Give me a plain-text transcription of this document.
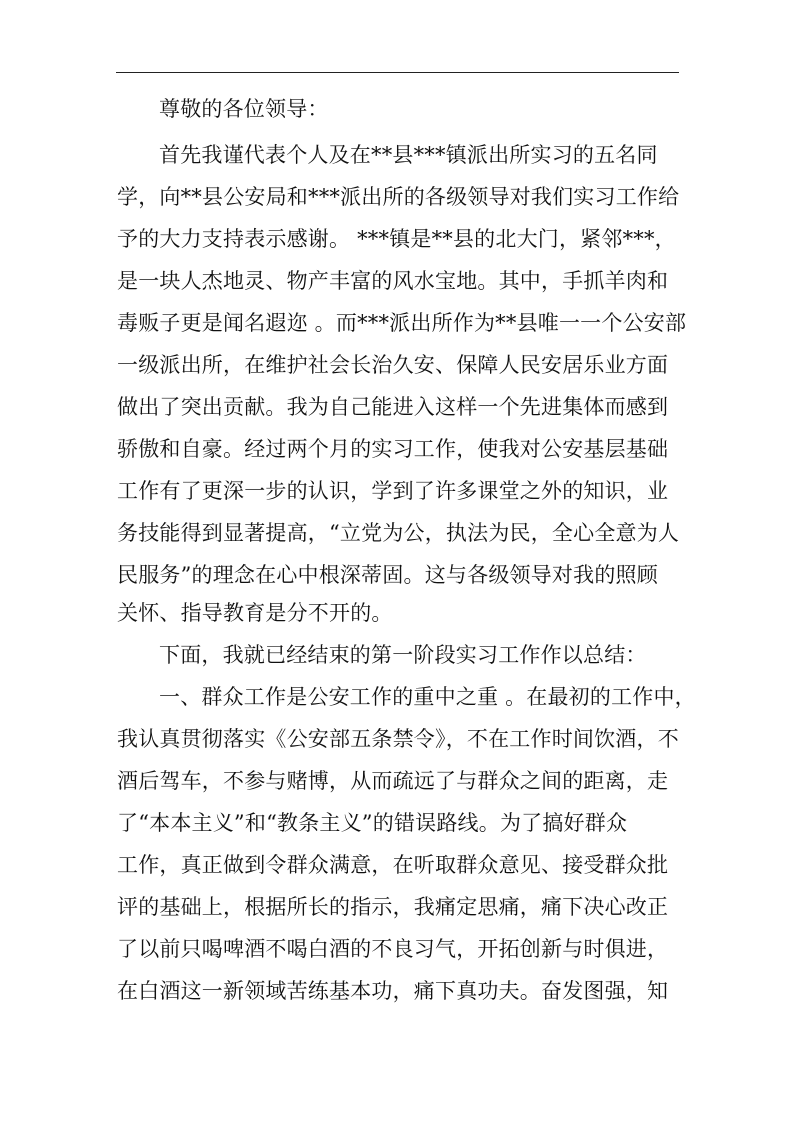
尊敬的各位领导：
首先我谨代表个人及在**县***镇派出所实习的五名同
学，向**县公安局和***派出所的各级领导对我们实习工作给
予的大力支持表示感谢。 ***镇是**县的北大门，紧邻***，
是一块人杰地灵、物产丰富的风水宝地。其中，手抓羊肉和
毒贩子更是闻名遐迩 。而***派出所作为**县唯一一个公安部
一级派出所，在维护社会长治久安、保障人民安居乐业方面
做出了突出贡献。我为自己能进入这样一个先进集体而感到
骄傲和自豪。经过两个月的实习工作，使我对公安基层基础
工作有了更深一步的认识，学到了许多课堂之外的知识，业
务技能得到显著提高，“立党为公，执法为民，全心全意为人
民服务”的理念在心中根深蒂固。这与各级领导对我的照顾
关怀、指导教育是分不开的。
下面，我就已经结束的第一阶段实习工作作以总结：
一、群众工作是公安工作的重中之重 。在最初的工作中，
我认真贯彻落实《公安部五条禁令》，不在工作时间饮酒，不
酒后驾车，不参与赌博，从而疏远了与群众之间的距离，走
了“本本主义”和“教条主义”的错误路线。为了搞好群众
工作，真正做到令群众满意，在听取群众意见、接受群众批
评的基础上，根据所长的指示，我痛定思痛，痛下决心改正
了以前只喝啤酒不喝白酒的不良习气，开拓创新与时俱进，
在白酒这一新领域苦练基本功，痛下真功夫。奋发图强，知
